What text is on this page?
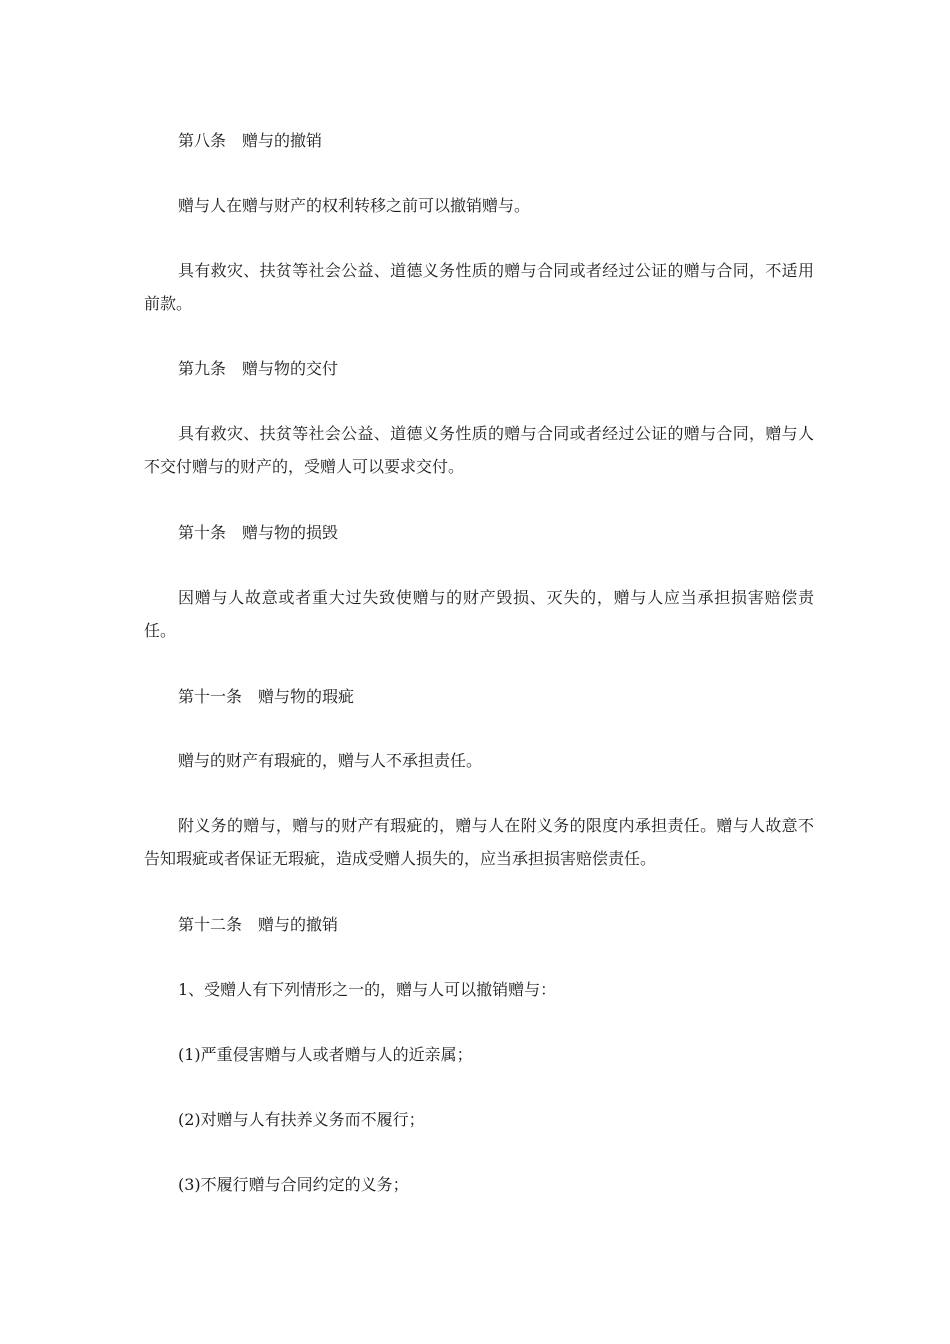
第八条　赠与的撤销

赠与人在赠与财产的权利转移之前可以撤销赠与。

具有救灾、扶贫等社会公益、道德义务性质的赠与合同或者经过公证的赠与合同，不适用前款。

第九条　赠与物的交付

具有救灾、扶贫等社会公益、道德义务性质的赠与合同或者经过公证的赠与合同，赠与人不交付赠与的财产的，受赠人可以要求交付。

第十条　赠与物的损毁

因赠与人故意或者重大过失致使赠与的财产毁损、灭失的，赠与人应当承担损害赔偿责任。

第十一条　赠与物的瑕疵

赠与的财产有瑕疵的，赠与人不承担责任。

附义务的赠与，赠与的财产有瑕疵的，赠与人在附义务的限度内承担责任。赠与人故意不告知瑕疵或者保证无瑕疵，造成受赠人损失的，应当承担损害赔偿责任。

第十二条　赠与的撤销

1、受赠人有下列情形之一的，赠与人可以撤销赠与：

(1)严重侵害赠与人或者赠与人的近亲属；

(2)对赠与人有扶养义务而不履行；

(3)不履行赠与合同约定的义务；
